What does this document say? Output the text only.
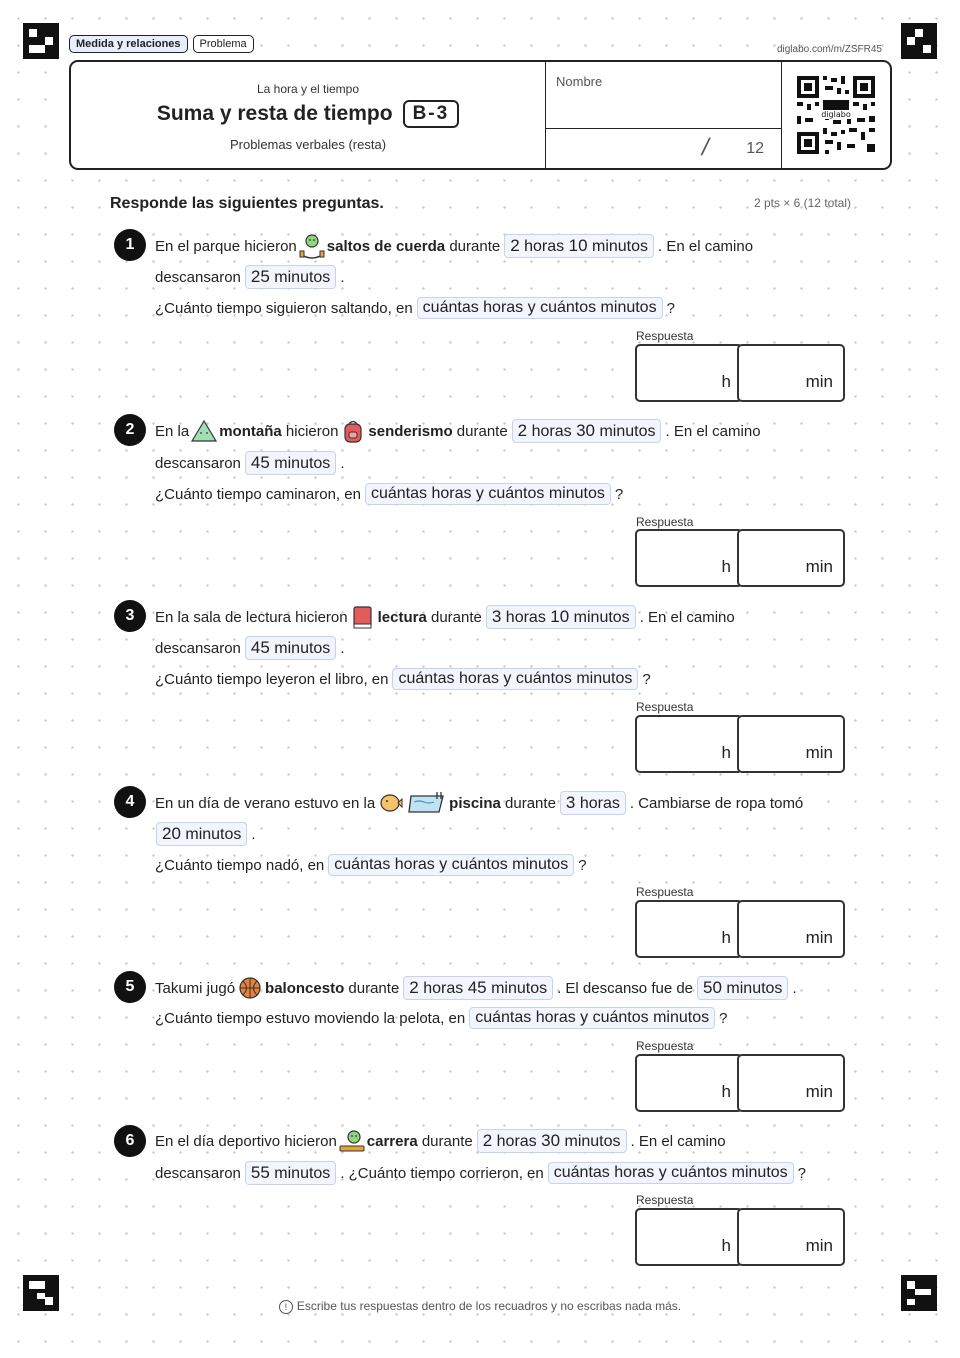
Medida y relaciones	Problema	diglabo.com/m/ZSFR45
La hora y el tiempo
Suma y resta de tiempo	B-3
Problemas verbales (resta)
Nombre
/ 12
diglabo
Responde las siguientes preguntas.	2 pts × 6 (12 total)
1	En el parque hicieron saltos de cuerda
durante 2 horas 10 minutos . En el camino
descansaron 25 minutos .
¿Cuánto tiempo siguieron saltando, en cuántas horas y cuántos minutos ?
Respuesta
h	min
2	En la montaña
hicieron senderismo
durante 2 horas 30 minutos . En el camino
descansaron 45 minutos .
¿Cuánto tiempo caminaron, en cuántas horas y cuántos minutos ?
Respuesta
h	min
3	En la sala de lectura hicieron lectura
durante 3 horas 10 minutos . En el camino
descansaron 45 minutos .
¿Cuánto tiempo leyeron el libro, en cuántas horas y cuántos minutos ?
Respuesta
h	min
4	En un día de verano estuvo en la	piscina
durante 3 horas . Cambiarse de ropa tomó
20 minutos .
¿Cuánto tiempo nadó, en cuántas horas y cuántos minutos ?
Respuesta
h	min
5	Takumi jugó baloncesto
durante 2 horas 45 minutos . El descanso fue de 50 minutos .
¿Cuánto tiempo estuvo moviendo la pelota, en cuántas horas y cuántos minutos ?
Respuesta
h	min
6	En el día deportivo hicieron carrera
durante 2 horas 30 minutos . En el camino
descansaron 55 minutos . ¿Cuánto tiempo corrieron, en cuántas horas y cuántos minutos ?
Respuesta
h	min
! Escribe tus respuestas dentro de los recuadros y no escribas nada más.
